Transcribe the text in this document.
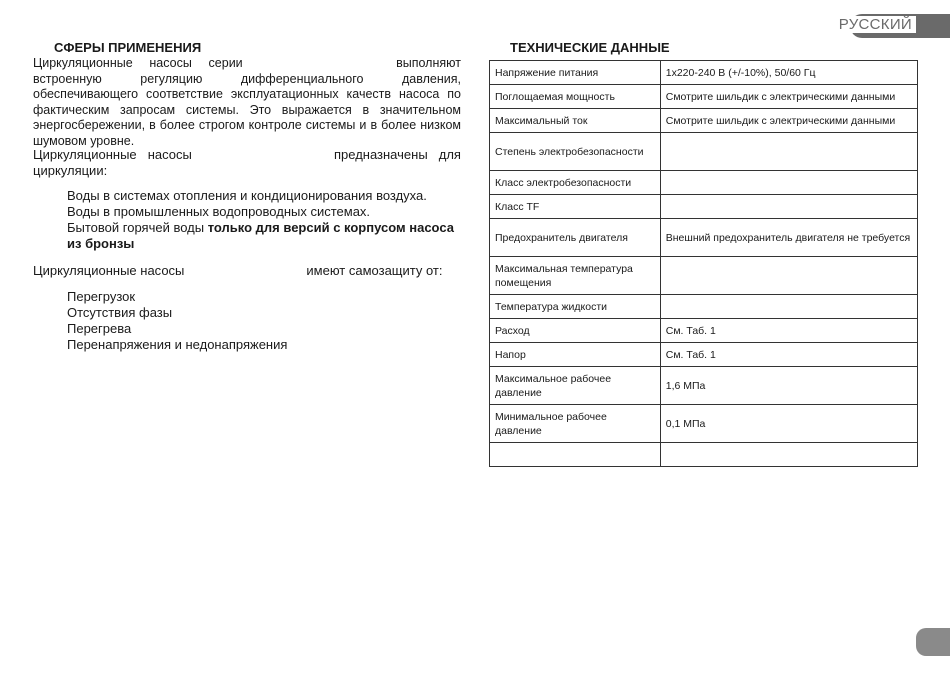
РУССКИЙ
СФЕРЫ ПРИМЕНЕНИЯ
Циркуляционные насосы серии	выполняют
встроенную регуляцию дифференциального давления, обеспечивающего соответствие эксплуатационных качеств насоса по фактическим запросам системы. Это выражается в значительном энергосбережении, в более строгом контроле системы и в более низком шумовом уровне.
Циркуляционные насосы	предназначены для
циркуляции:
Воды в системах отопления и кондиционирования воздуха.
Воды в промышленных водопроводных системах.
Бытовой горячей воды только для версий с корпусом насоса из бронзы
Циркуляционные насосы	имеют самозащиту от:
Перегрузок
Отсутствия фазы
Перегрева
Перенапряжения и недонапряжения
ТЕХНИЧЕСКИЕ ДАННЫЕ
Напряжение питания	1x220-240 В (+/-10%), 50/60 Гц
Поглощаемая мощность	Смотрите шильдик с электрическими данными
Максимальный ток	Смотрите шильдик с электрическими данными
Степень электробезопасности	
Класс электробезопасности	
Класс TF	
Предохранитель двигателя	Внешний предохранитель двигателя не требуется
Максимальная температура помещения	
Температура жидкости	
Расход	См. Таб. 1
Напор	См. Таб. 1
Максимальное рабочее давление	1,6 МПа
Минимальное рабочее давление	0,1 МПа
